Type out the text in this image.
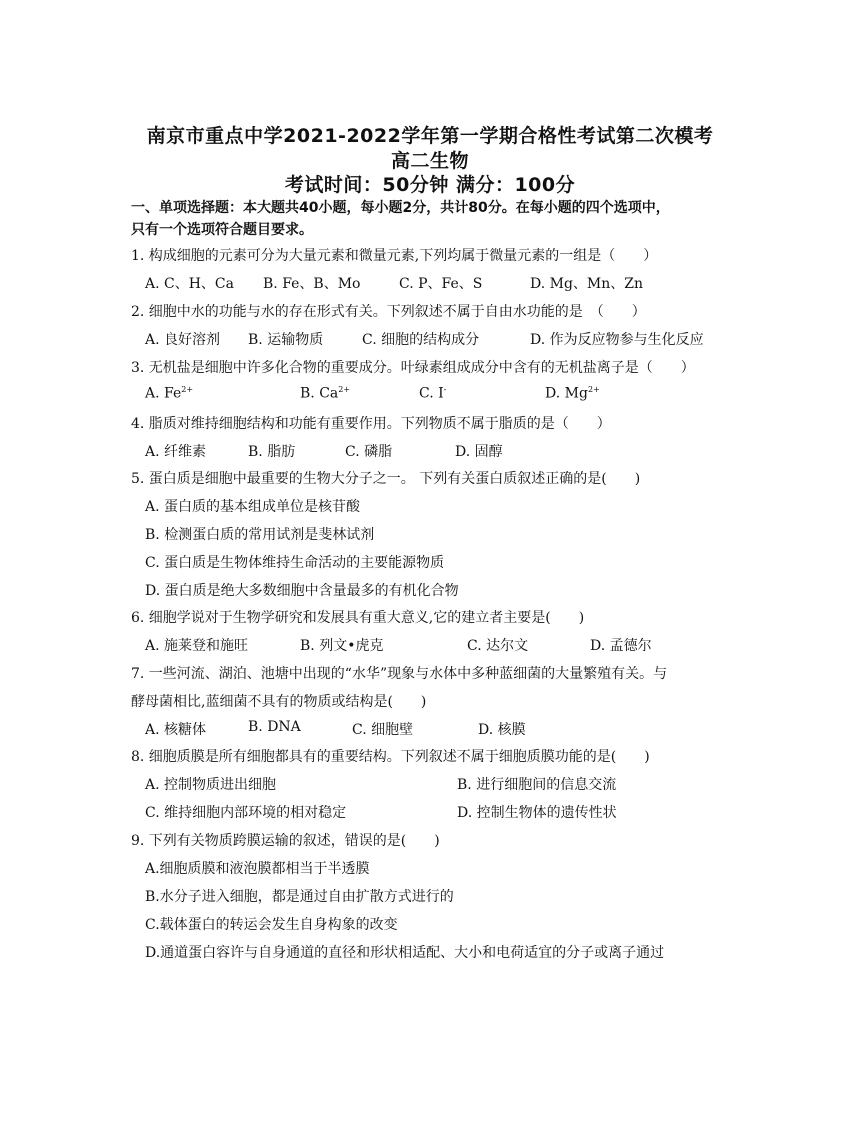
南京市重点中学2021-2022学年第一学期合格性考试第二次模考
高二生物
考试时间：50分钟 满分：100分
一、单项选择题：本大题共40小题，每小题2分，共计80分。在每小题的四个选项中，
只有一个选项符合题目要求。
1. 构成细胞的元素可分为大量元素和微量元素,下列均属于微量元素的一组是（　　）
A. C、H、Ca B. Fe、B、Mo	C. P、Fe、S	D. Mg、Mn、Zn
2. 细胞中水的功能与水的存在形式有关。下列叙述不属于自由水功能的是　（　　）
A. 良好溶剂 B. 运输物质	C. 细胞的结构成分	D. 作为反应物参与生化反应
3. 无机盐是细胞中许多化合物的重要成分。叶绿素组成成分中含有的无机盐离子是（　　）
A. $Fe^{2+}$	B. $Ca^{2+}$	C. I-	D. $Mg^{2+}$
4. 脂质对维持细胞结构和功能有重要作用。下列物质不属于脂质的是（　　）
A. 纤维素	B. 脂肪	C. 磷脂	D. 固醇
5. 蛋白质是细胞中最重要的生物大分子之一。 下列有关蛋白质叙述正确的是(　　)
A. 蛋白质的基本组成单位是核苷酸
B. 检测蛋白质的常用试剂是斐林试剂
C. 蛋白质是生物体维持生命活动的主要能源物质
D. 蛋白质是绝大多数细胞中含量最多的有机化合物
6. 细胞学说对于生物学研究和发展具有重大意义,它的建立者主要是(　　)
A. 施莱登和施旺	B. 列文•虎克	C. 达尔文	D. 孟德尔
7. 一些河流、湖泊、池塘中出现的“水华”现象与水体中多种蓝细菌的大量繁殖有关。与
酵母菌相比,蓝细菌不具有的物质或结构是(　　)
A. 核糖体	B. DNA	C. 细胞壁	D. 核膜
8. 细胞质膜是所有细胞都具有的重要结构。下列叙述不属于细胞质膜功能的是(　　)
A. 控制物质进出细胞	B. 进行细胞间的信息交流
C. 维持细胞内部环境的相对稳定	D. 控制生物体的遗传性状
9. 下列有关物质跨膜运输的叙述，错误的是(　　)
A.细胞质膜和液泡膜都相当于半透膜
B.水分子进入细胞，都是通过自由扩散方式进行的
C.载体蛋白的转运会发生自身构象的改变
D.通道蛋白容许与自身通道的直径和形状相适配、大小和电荷适宜的分子或离子通过
